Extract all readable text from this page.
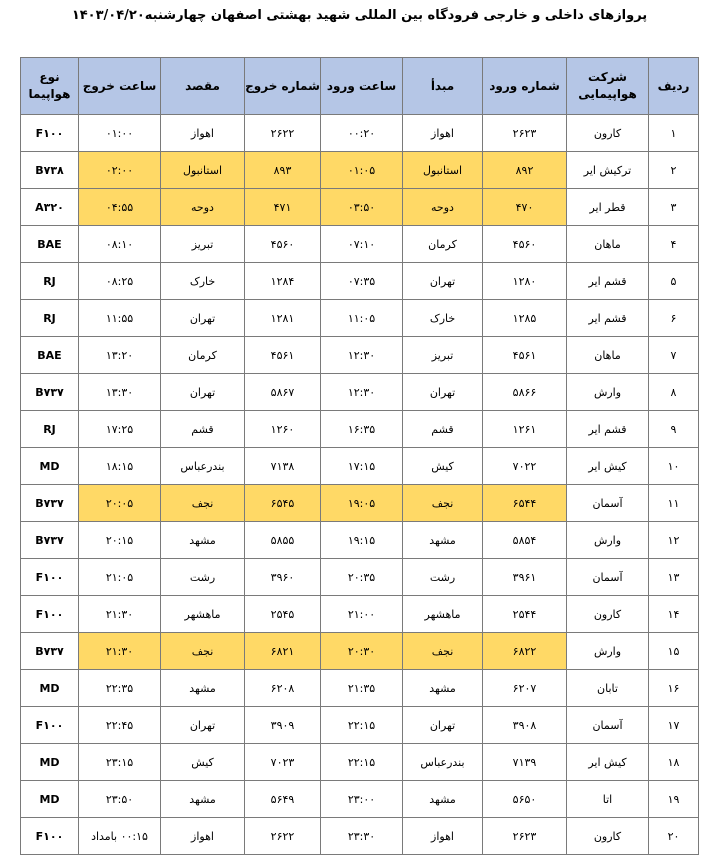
پروازهای داخلی و خارجی فرودگاه بین المللی شهید بهشتی اصفهان چهارشنبه۱۴۰۳/۰۴/۲۰
ردیف	شرکت هواپیمایی	شماره ورود	مبدأ	ساعت ورود	شماره خروج	مقصد	ساعت خروج	نوع هواپیما
۱	کارون	۲۶۲۳	اهواز	۰۰:۲۰	۲۶۲۲	اهواز	۰۱:۰۰	F۱۰۰
۲	ترکیش ایر	۸۹۲	استانبول	۰۱:۰۵	۸۹۳	استانبول	۰۲:۰۰	B۷۳۸
۳	قطر ایر	۴۷۰	دوحه	۰۳:۵۰	۴۷۱	دوحه	۰۴:۵۵	A۳۲۰
۴	ماهان	۴۵۶۰	کرمان	۰۷:۱۰	۴۵۶۰	تبریز	۰۸:۱۰	BAE
۵	قشم ایر	۱۲۸۰	تهران	۰۷:۳۵	۱۲۸۴	خارک	۰۸:۲۵	RJ
۶	قشم ایر	۱۲۸۵	خارک	۱۱:۰۵	۱۲۸۱	تهران	۱۱:۵۵	RJ
۷	ماهان	۴۵۶۱	تبریز	۱۲:۳۰	۴۵۶۱	کرمان	۱۳:۲۰	BAE
۸	وارش	۵۸۶۶	تهران	۱۲:۳۰	۵۸۶۷	تهران	۱۳:۳۰	B۷۳۷
۹	قشم ایر	۱۲۶۱	قشم	۱۶:۳۵	۱۲۶۰	قشم	۱۷:۲۵	RJ
۱۰	کیش ایر	۷۰۲۲	کیش	۱۷:۱۵	۷۱۳۸	بندرعباس	۱۸:۱۵	MD
۱۱	آسمان	۶۵۴۴	نجف	۱۹:۰۵	۶۵۴۵	نجف	۲۰:۰۵	B۷۳۷
۱۲	وارش	۵۸۵۴	مشهد	۱۹:۱۵	۵۸۵۵	مشهد	۲۰:۱۵	B۷۳۷
۱۳	آسمان	۳۹۶۱	رشت	۲۰:۳۵	۳۹۶۰	رشت	۲۱:۰۵	F۱۰۰
۱۴	کارون	۲۵۴۴	ماهشهر	۲۱:۰۰	۲۵۴۵	ماهشهر	۲۱:۳۰	F۱۰۰
۱۵	وارش	۶۸۲۲	نجف	۲۰:۳۰	۶۸۲۱	نجف	۲۱:۳۰	B۷۳۷
۱۶	تابان	۶۲۰۷	مشهد	۲۱:۳۵	۶۲۰۸	مشهد	۲۲:۳۵	MD
۱۷	آسمان	۳۹۰۸	تهران	۲۲:۱۵	۳۹۰۹	تهران	۲۲:۴۵	F۱۰۰
۱۸	کیش ایر	۷۱۳۹	بندرعباس	۲۲:۱۵	۷۰۲۳	کیش	۲۳:۱۵	MD
۱۹	اتا	۵۶۵۰	مشهد	۲۳:۰۰	۵۶۴۹	مشهد	۲۳:۵۰	MD
۲۰	کارون	۲۶۲۳	اهواز	۲۳:۳۰	۲۶۲۲	اهواز	۰۰:۱۵ بامداد	F۱۰۰
